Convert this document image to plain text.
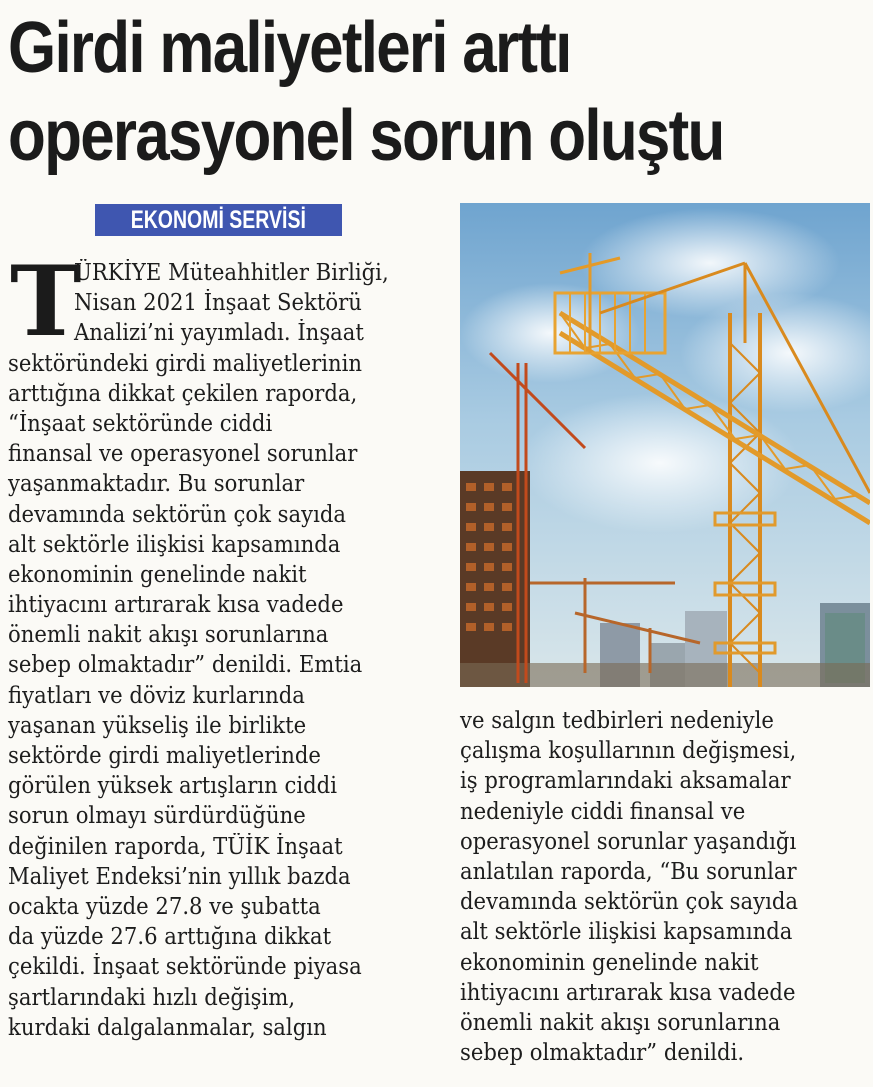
Girdi maliyetleri arttı
operasyonel sorun oluştu
EKONOMİ SERVİSİ
T
ÜRKİYE Müteahhitler Birliği,
Nisan 2021 İnşaat Sektörü
Analizi’ni yayımladı. İnşaat
sektöründeki girdi maliyetlerinin
arttığına dikkat çekilen raporda,
“İnşaat sektöründe ciddi
finansal ve operasyonel sorunlar
yaşanmaktadır. Bu sorunlar
devamında sektörün çok sayıda
alt sektörle ilişkisi kapsamında
ekonominin genelinde nakit
ihtiyacını artırarak kısa vadede
önemli nakit akışı sorunlarına
sebep olmaktadır” denildi. Emtia
fiyatları ve döviz kurlarında
yaşanan yükseliş ile birlikte
sektörde girdi maliyetlerinde
görülen yüksek artışların ciddi
sorun olmayı sürdürdüğüne
değinilen raporda, TÜİK İnşaat
Maliyet Endeksi’nin yıllık bazda
ocakta yüzde 27.8 ve şubatta
da yüzde 27.6 arttığına dikkat
çekildi. İnşaat sektöründe piyasa
şartlarındaki hızlı değişim,
kurdaki dalgalanmalar, salgın
ve salgın tedbirleri nedeniyle
çalışma koşullarının değişmesi,
iş programlarındaki aksamalar
nedeniyle ciddi finansal ve
operasyonel sorunlar yaşandığı
anlatılan raporda, “Bu sorunlar
devamında sektörün çok sayıda
alt sektörle ilişkisi kapsamında
ekonominin genelinde nakit
ihtiyacını artırarak kısa vadede
önemli nakit akışı sorunlarına
sebep olmaktadır” denildi.
